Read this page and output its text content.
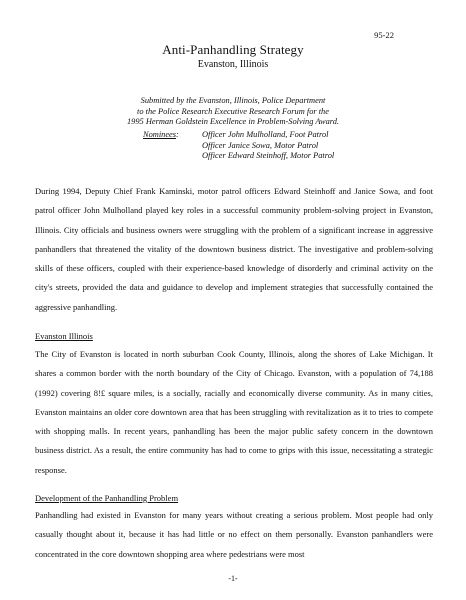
95-22
Anti-Panhandling Strategy
Evanston, Illinois
Submitted by the Evanston, Illinois, Police Department
to the Police Research Executive Research Forum for the
1995 Herman Goldstein Excellence in Problem-Solving Award.
Nominees:	Officer John Mulholland, Foot Patrol
Officer Janice Sowa, Motor Patrol
Officer Edward Steinhoff, Motor Patrol

During 1994, Deputy Chief Frank Kaminski, motor patrol officers Edward Steinhoff and Janice Sowa, and foot patrol officer John Mulholland played key roles in a successful community problem-solving project in Evanston, Illinois. City officials and business owners were struggling with the problem of a significant increase in aggressive panhandlers that threatened the vitality of the downtown business district. The investigative and problem-solving skills of these officers, coupled with their experience-based knowledge of disorderly and criminal activity on the city's streets, provided the data and guidance to develop and implement strategies that successfully contained the aggressive panhandling.

Evanston Illinois

The City of Evanston is located in north suburban Cook County, Illinois, along the shores of Lake Michigan. It shares a common border with the north boundary of the City of Chicago. Evanston, with a population of 74,188 (1992) covering 8!£ square miles, is a socially, racially and economically diverse community. As in many cities, Evanston maintains an older core downtown area that has been struggling with revitalization as it to tries to compete with shopping malls. In recent years, panhandling has been the major public safety concern in the downtown business district. As a result, the entire community has had to come to grips with this issue, necessitating a strategic response.

Development of the Panhandling Problem

Panhandling had existed in Evanston for many years without creating a serious problem. Most people had only casually thought about it, because it has had little or no effect on them personally. Evanston panhandlers were concentrated in the core downtown shopping area where pedestrians were most

-1-
